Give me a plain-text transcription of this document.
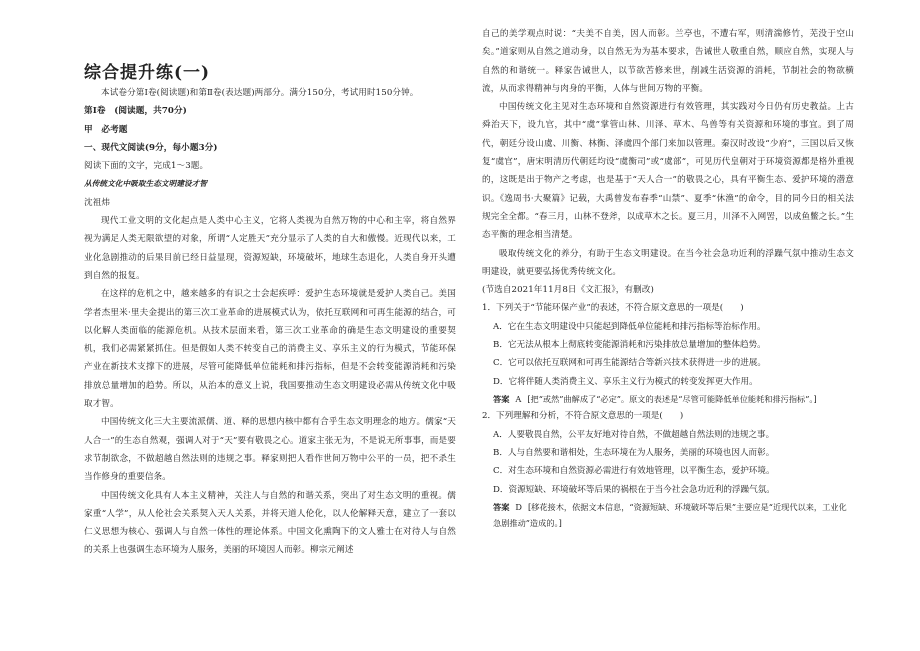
综合提升练(一)

本试卷分第Ⅰ卷(阅读题)和第Ⅱ卷(表达题)两部分。满分150分，考试用时150分钟。

第Ⅰ卷　(阅读题，共70分)

甲　必考题

一、现代文阅读(9分，每小题3分)

阅读下面的文字，完成1～3题。

从传统文化中吸取生态文明建设才智

沈祖炜

现代工业文明的文化起点是人类中心主义，它将人类视为自然万物的中心和主宰，将自然界视为满足人类无限欲望的对象，所谓“人定胜天”充分显示了人类的自大和傲慢。近现代以来，工业化急剧推动的后果目前已经日益显现，资源短缺，环境破坏，地球生态退化，人类自身开头遭到自然的报复。

在这样的危机之中，越来越多的有识之士会起疾呼：爱护生态环境就是爱护人类自己。美国学者杰里米·里夫金提出的第三次工业革命的进展模式认为，依托互联网和可再生能源的结合，可以化解人类面临的能源危机。从技术层面来看，第三次工业革命的确是生态文明建设的重要契机，我们必需紧紧抓住。但是假如人类不转变自己的消费主义、享乐主义的行为模式，节能环保产业在新技术支撑下的进展，尽管可能降低单位能耗和排污指标，但是不会转变能源消耗和污染排放总量增加的趋势。所以，从治本的意义上说，我国要推动生态文明建设必需从传统文化中吸取才智。

中国传统文化三大主要流派儒、道、释的思想内核中都有合乎生态文明理念的地方。儒家“天人合一”的生态自然观，强调人对于“天”要有敬畏之心。道家主张无为，不是说无所事事，而是要求节制欲念，不做超越自然法则的违规之事。释家则把人看作世间万物中公平的一员，把不杀生当作修身的重要信条。

中国传统文化具有人本主义精神，关注人与自然的和谐关系，突出了对生态文明的重视。儒家重“人学”，从人伦社会关系契入天人关系，并将天道人伦化，以人伦解释天意，建立了一套以仁义思想为核心、强调人与自然一体性的理论体系。中国文化熏陶下的文人雅士在对待人与自然的关系上也强调生态环境为人服务，美丽的环境因人而彰。柳宗元阐述

自己的美学观点时说：“夫美不自美，因人而彰。兰亭也，不遭右军，则清湍修竹，芜没于空山矣。”道家则从自然之道动身，以自然无为为基本要求，告诫世人敬重自然，顺应自然，实现人与自然的和谐统一。释家告诫世人，以节欲苦修来世，削减生活资源的消耗，节制社会的物欲横流，从而求得精神与肉身的平衡，人体与世间万物的平衡。

中国传统文化主见对生态环境和自然资源进行有效管理，其实践对今日仍有历史教益。上古舜治天下，设九官，其中“虞”掌管山林、川泽、草木、鸟兽等有关资源和环境的事宜。到了周代，朝廷分设山虞、川衡、林衡、泽虞四个部门来加以管理。秦汉时改设“少府”，三国以后又恢复“虞官”，唐宋明清历代朝廷均设“虞衡司”或“虞部”，可见历代皇朝对于环境资源都是格外重视的，这既是出于物产之考虑，也是基于“天人合一”的敬畏之心，具有平衡生态、爱护环境的潜意识。《逸周书·大聚篇》记载，大禹曾发布春季“山禁”、夏季“休渔”的命令，目的同今日的相关法规完全全都。“春三月，山林不登斧，以成草木之长。夏三月，川泽不入网罟，以成鱼鳖之长。”生态平衡的理念相当清楚。

吸取传统文化的养分，有助于生态文明建设。在当今社会急功近利的浮躁气氛中推动生态文明建设，就更要弘扬优秀传统文化。

(节选自2021年11月8日《文汇报》，有删改)

1．下列关于“节能环保产业”的表述，不符合原文意思的一项是(　　)

A．它在生态文明建设中只能起到降低单位能耗和排污指标等治标作用。

B．它无法从根本上彻底转变能源消耗和污染排放总量增加的整体趋势。

C．它可以依托互联网和可再生能源结合等新兴技术获得进一步的进展。

D．它将伴随人类消费主义、享乐主义行为模式的转变发挥更大作用。

答案 A [把“或然”曲解成了“必定”。原文的表述是“尽管可能降低单位能耗和排污指标”。]

2．下列理解和分析，不符合原文意思的一项是(　　)

A．人要敬畏自然，公平友好地对待自然，不做超越自然法则的违规之事。

B．人与自然要和谐相处，生态环境在为人服务，美丽的环境也因人而彰。

C．对生态环境和自然资源必需进行有效地管理，以平衡生态，爱护环境。

D．资源短缺、环境破坏等后果的祸根在于当今社会急功近利的浮躁气氛。

答案 D [移花接木，依据文本信息，“资源短缺、环境破坏等后果”主要应是“近现代以来，工业化急剧推动”造成的。]
